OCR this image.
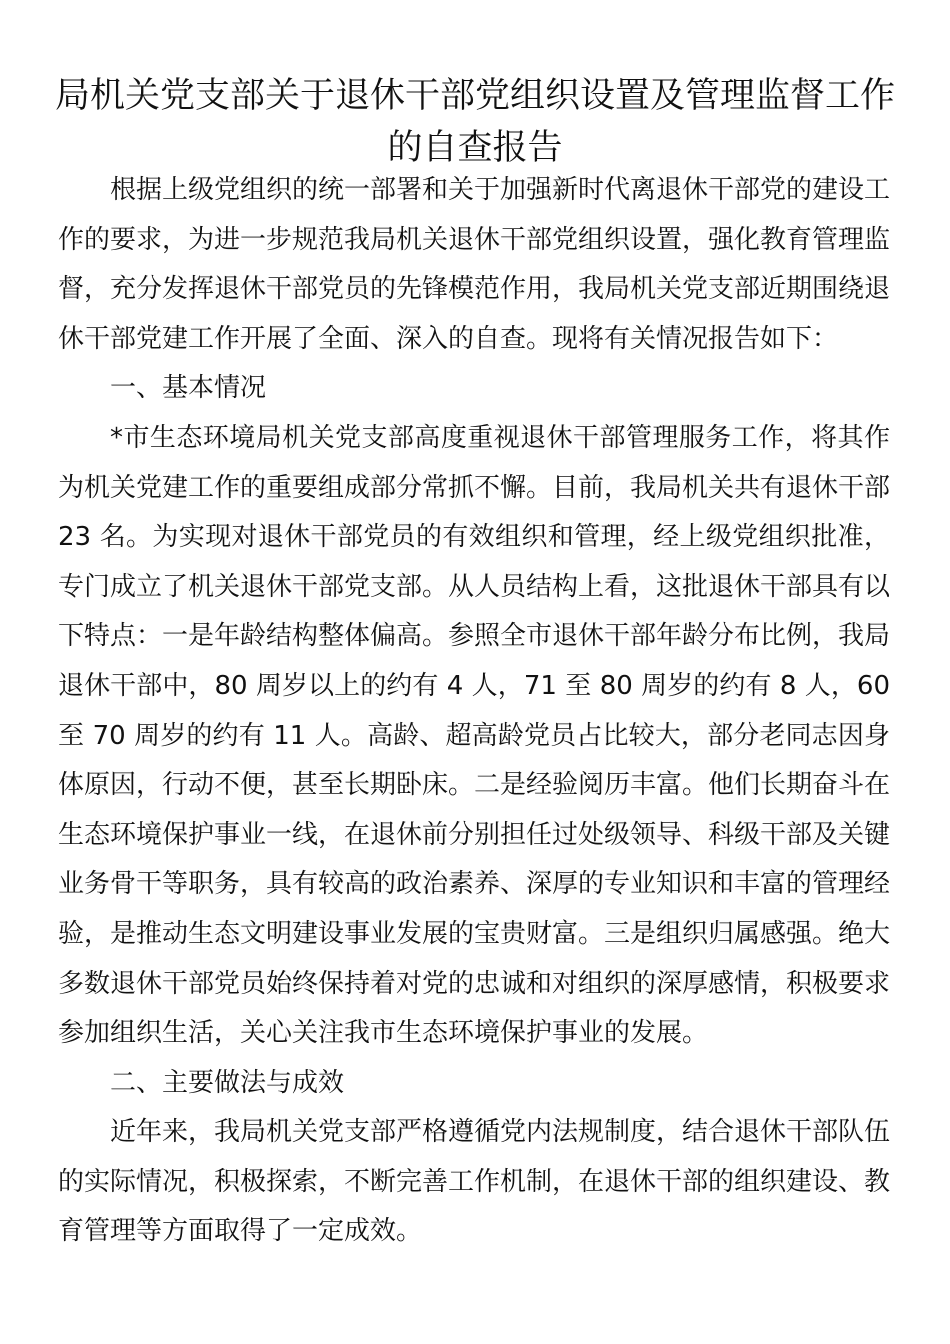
局机关党支部关于退休干部党组织设置及管理监督工作的自查报告

根据上级党组织的统一部署和关于加强新时代离退休干部党的建设工作的要求，为进一步规范我局机关退休干部党组织设置，强化教育管理监督，充分发挥退休干部党员的先锋模范作用，我局机关党支部近期围绕退休干部党建工作开展了全面、深入的自查。现将有关情况报告如下：

一、基本情况

*市生态环境局机关党支部高度重视退休干部管理服务工作，将其作为机关党建工作的重要组成部分常抓不懈。目前，我局机关共有退休干部 23 名。为实现对退休干部党员的有效组织和管理，经上级党组织批准，专门成立了机关退休干部党支部。从人员结构上看，这批退休干部具有以下特点：一是年龄结构整体偏高。参照全市退休干部年龄分布比例，我局退休干部中，80 周岁以上的约有 4 人，71 至 80 周岁的约有 8 人，60 至 70 周岁的约有 11 人。高龄、超高龄党员占比较大，部分老同志因身体原因，行动不便，甚至长期卧床。二是经验阅历丰富。他们长期奋斗在生态环境保护事业一线，在退休前分别担任过处级领导、科级干部及关键业务骨干等职务，具有较高的政治素养、深厚的专业知识和丰富的管理经验，是推动生态文明建设事业发展的宝贵财富。三是组织归属感强。绝大多数退休干部党员始终保持着对党的忠诚和对组织的深厚感情，积极要求参加组织生活，关心关注我市生态环境保护事业的发展。

二、主要做法与成效

近年来，我局机关党支部严格遵循党内法规制度，结合退休干部队伍的实际情况，积极探索，不断完善工作机制，在退休干部的组织建设、教育管理等方面取得了一定成效。
